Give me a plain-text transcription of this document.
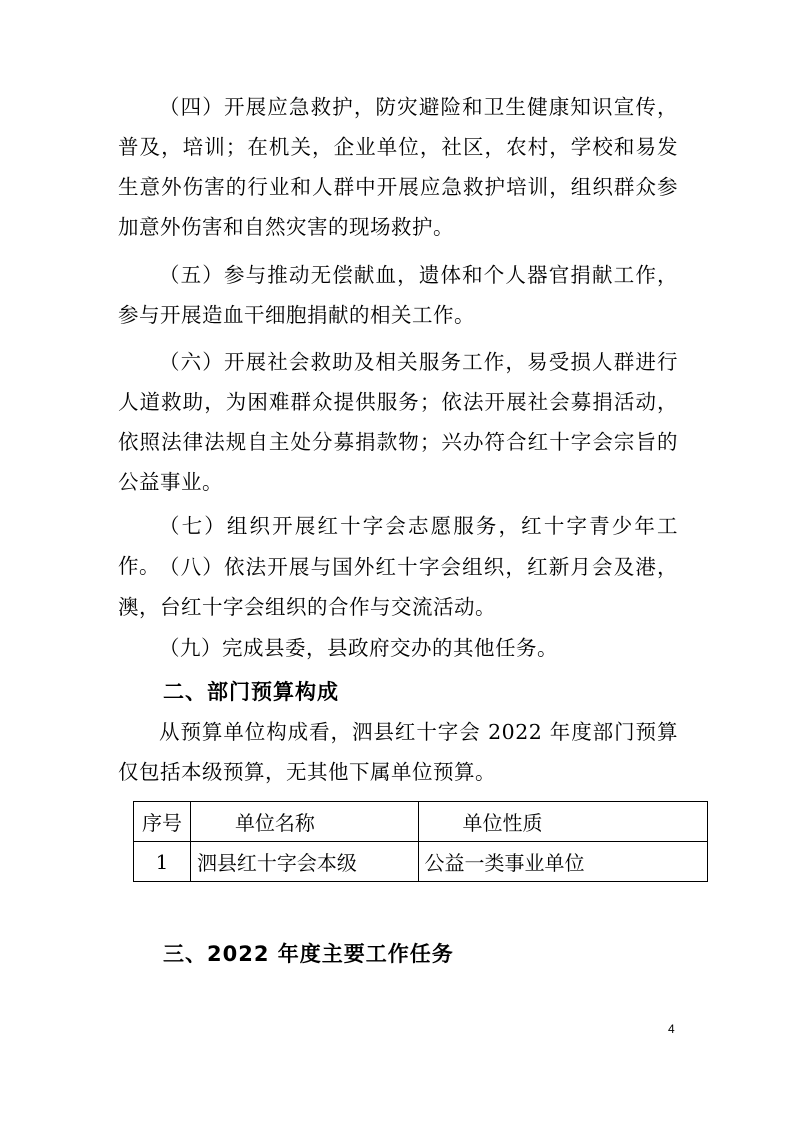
（四）开展应急救护，防灾避险和卫生健康知识宣传，普及，培训；在机关，企业单位，社区，农村，学校和易发生意外伤害的行业和人群中开展应急救护培训，组织群众参加意外伤害和自然灾害的现场救护。

（五）参与推动无偿献血，遗体和个人器官捐献工作，参与开展造血干细胞捐献的相关工作。

（六）开展社会救助及相关服务工作，易受损人群进行人道救助，为困难群众提供服务；依法开展社会募捐活动，依照法律法规自主处分募捐款物；兴办符合红十字会宗旨的公益事业。

（七）组织开展红十字会志愿服务，红十字青少年工作。 （八）依法开展与国外红十字会组织，红新月会及港，澳，台红十字会组织的合作与交流活动。

（九）完成县委，县政府交办的其他任务。

二、部门预算构成

从预算单位构成看，泗县红十字会 2022 年度部门预算仅包括本级预算，无其他下属单位预算。

序号	单位名称	单位性质
1	泗县红十字会本级	公益一类事业单位
三、2022 年度主要工作任务
4
